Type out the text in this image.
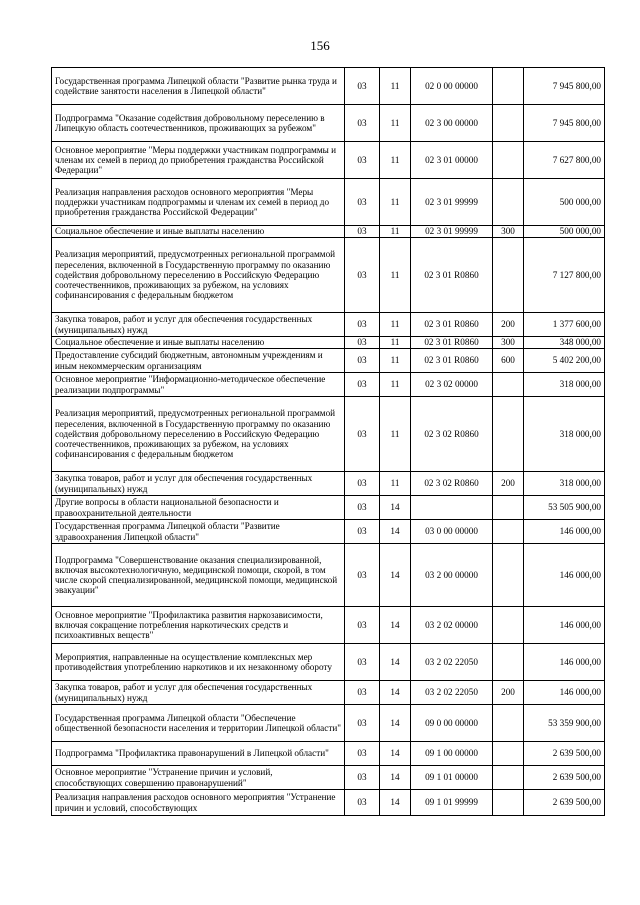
156
Государственная программа Липецкой области "Развитие рынка труда и содействие занятости населения в Липецкой области"	03	11	02 0 00 00000		7 945 800,00
Подпрограмма "Оказание содействия добровольному переселению в Липецкую область соотечественников, проживающих за рубежом"	03	11	02 3 00 00000		7 945 800,00
Основное мероприятие "Меры поддержки участникам подпрограммы и членам их семей в период до приобретения гражданства Российской Федерации"	03	11	02 3 01 00000		7 627 800,00
Реализация направления расходов основного мероприятия "Меры поддержки участникам подпрограммы и членам их семей в период до приобретения гражданства Российской Федерации"	03	11	02 3 01 99999		500 000,00
Социальное обеспечение и иные выплаты населению	03	11	02 3 01 99999	300	500 000,00
Реализация мероприятий, предусмотренных региональной программой переселения, включенной в Государственную программу по оказанию содействия добровольному переселению в Российскую Федерацию соотечественников, проживающих за рубежом, на условиях софинансирования с федеральным бюджетом	03	11	02 3 01 R0860		7 127 800,00
Закупка товаров, работ и услуг для обеспечения государственных (муниципальных) нужд	03	11	02 3 01 R0860	200	1 377 600,00
Социальное обеспечение и иные выплаты населению	03	11	02 3 01 R0860	300	348 000,00
Предоставление субсидий бюджетным, автономным учреждениям и иным некоммерческим организациям	03	11	02 3 01 R0860	600	5 402 200,00
Основное мероприятие "Информационно-методическое обеспечение реализации подпрограммы"	03	11	02 3 02 00000		318 000,00
Реализация мероприятий, предусмотренных региональной программой переселения, включенной в Государственную программу по оказанию содействия добровольному переселению в Российскую Федерацию соотечественников, проживающих за рубежом, на условиях софинансирования с федеральным бюджетом	03	11	02 3 02 R0860		318 000,00
Закупка товаров, работ и услуг для обеспечения государственных (муниципальных) нужд	03	11	02 3 02 R0860	200	318 000,00
Другие вопросы в области национальной безопасности и правоохранительной деятельности	03	14			53 505 900,00
Государственная программа Липецкой области "Развитие здравоохранения Липецкой области"	03	14	03 0 00 00000		146 000,00
Подпрограмма "Совершенствование оказания специализированной, включая высокотехнологичную, медицинской помощи, скорой, в том числе скорой специализированной, медицинской помощи, медицинской эвакуации"	03	14	03 2 00 00000		146 000,00
Основное мероприятие "Профилактика развития наркозависимости, включая сокращение потребления наркотических средств и психоактивных веществ"	03	14	03 2 02 00000		146 000,00
Мероприятия, направленные на осуществление комплексных мер противодействия употреблению наркотиков и их незаконному обороту	03	14	03 2 02 22050		146 000,00
Закупка товаров, работ и услуг для обеспечения государственных (муниципальных) нужд	03	14	03 2 02 22050	200	146 000,00
Государственная программа Липецкой области "Обеспечение общественной безопасности населения и территории Липецкой области"	03	14	09 0 00 00000		53 359 900,00
Подпрограмма "Профилактика правонарушений в Липецкой области"	03	14	09 1 00 00000		2 639 500,00
Основное мероприятие "Устранение причин и условий, способствующих совершению правонарушений"	03	14	09 1 01 00000		2 639 500,00
Реализация направления расходов основного мероприятия "Устранение причин и условий, способствующих	03	14	09 1 01 99999		2 639 500,00
